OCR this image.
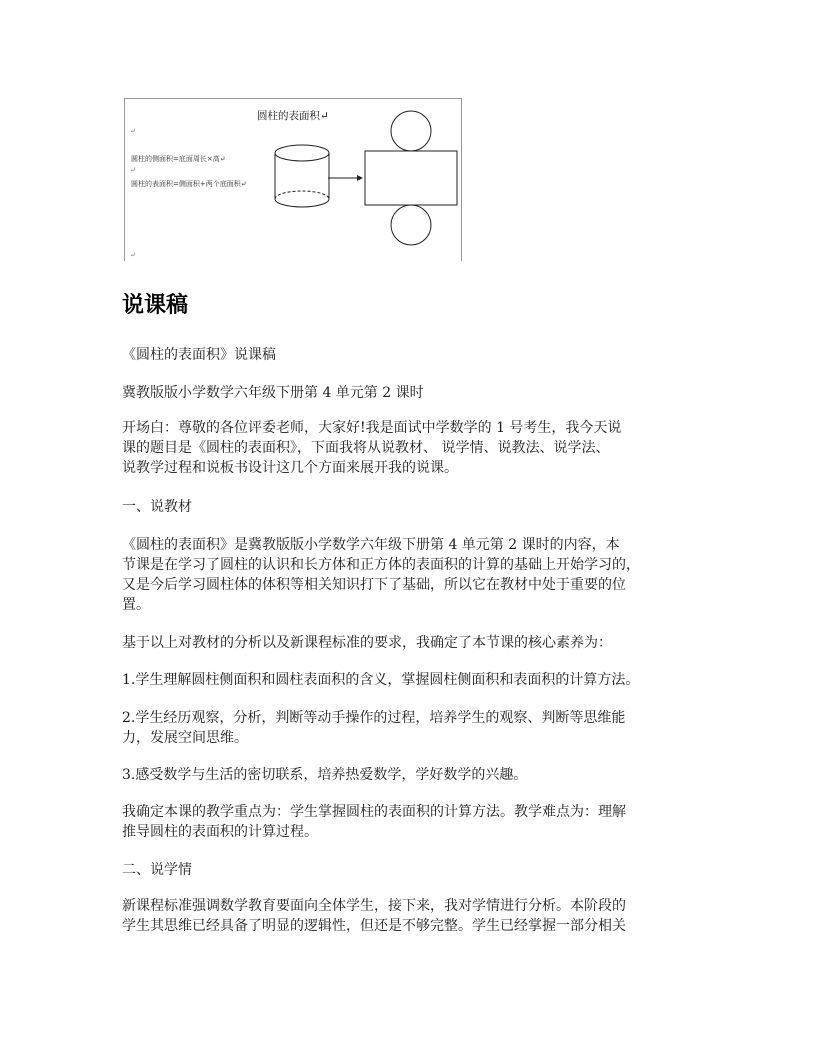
圆柱的表面积↵
↵
圆柱的侧面积=底面周长×高↵
↵
圆柱的表面积=侧面积+两个底面积↵
↵
说课稿

《圆柱的表面积》说课稿

冀教版版小学数学六年级下册第 4 单元第 2 课时

开场白：尊敬的各位评委老师，大家好!我是面试中学数学的 1 号考生，我今天说
课的题目是《圆柱的表面积》，下面我将从说教材、 说学情、说教法、说学法、
说教学过程和说板书设计这几个方面来展开我的说课。

一、说教材

《圆柱的表面积》是冀教版版小学数学六年级下册第 4 单元第 2 课时的内容，本
节课是在学习了圆柱的认识和长方体和正方体的表面积的计算的基础上开始学习的，
又是今后学习圆柱体的体积等相关知识打下了基础，所以它在教材中处于重要的位
置。

基于以上对教材的分析以及新课程标准的要求，我确定了本节课的核心素养为：

1.学生理解圆柱侧面积和圆柱表面积的含义，掌握圆柱侧面积和表面积的计算方法。

2.学生经历观察，分析，判断等动手操作的过程，培养学生的观察、判断等思维能
力，发展空间思维。

3.感受数学与生活的密切联系，培养热爱数学，学好数学的兴趣。

我确定本课的教学重点为：学生掌握圆柱的表面积的计算方法。教学难点为：理解
推导圆柱的表面积的计算过程。

二、说学情

新课程标准强调数学教育要面向全体学生，接下来，我对学情进行分析。本阶段的
学生其思维已经具备了明显的逻辑性，但还是不够完整。学生已经掌握一部分相关
